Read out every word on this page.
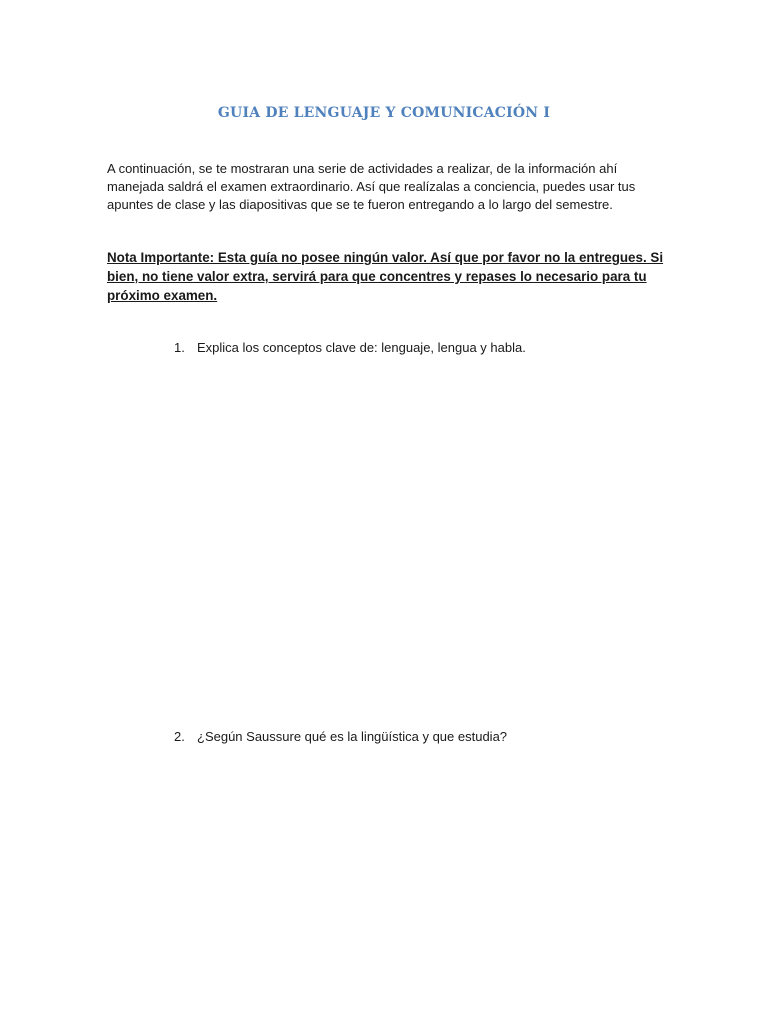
GUIA DE LENGUAJE Y COMUNICACIÓN I

A continuación, se te mostraran una serie de actividades a realizar, de la información ahí
manejada saldrá el examen extraordinario. Así que realízalas a conciencia, puedes usar tus
apuntes de clase y las diapositivas que se te fueron entregando a lo largo del semestre.

Nota Importante: Esta guía no posee ningún valor. Así que por favor no la entregues. Si
bien, no tiene valor extra, servirá para que concentres y repases lo necesario para tu
próximo examen.

1. Explica los conceptos clave de: lenguaje, lengua y habla.
2. ¿Según Saussure qué es la lingüística y que estudia?
